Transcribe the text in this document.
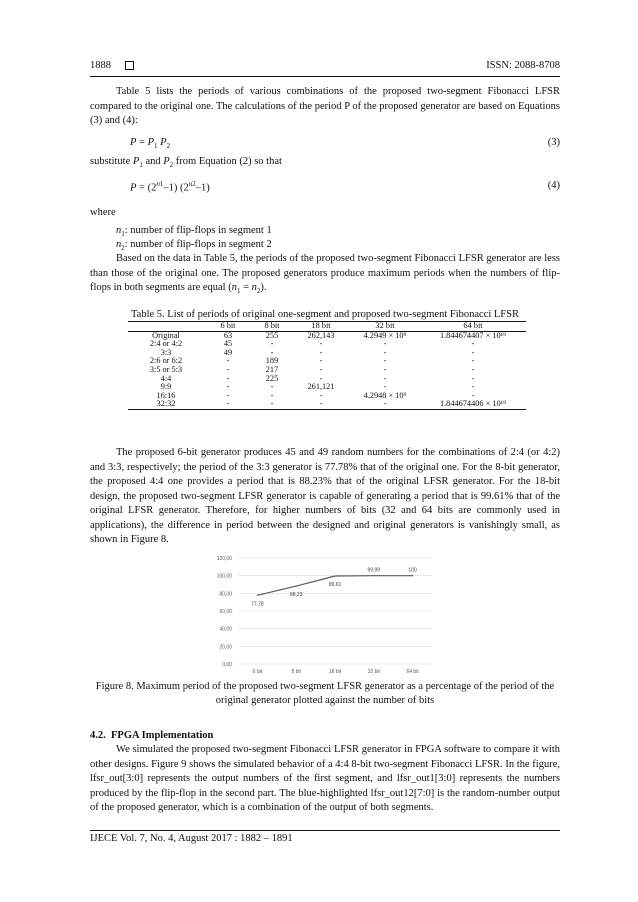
1888	ISSN: 2088-8708
Table 5 lists the periods of various combinations of the proposed two-segment Fibonacci LFSR compared to the original one. The calculations of the period P of the proposed generator are based on Equations (3) and (4):
$P = P_1$ $P_2$	(3)
substitute $P_1$ and $P_2$ from Equation (2) so that
$P = (2^{n1}-1)$ $(2^{n2}-1)$	(4)
where
$n_1$: number of flip-flops in segment 1
$n_2$: number of flip-flops in segment 2
Based on the data in Table 5, the periods of the proposed two-segment Fibonacci LFSR generator are less than those of the original one. The proposed generators produce maximum periods when the numbers of flip-flops in both segments are equal $(n_1 = n_2)$.
Table 5. List of periods of original one-segment and proposed two-segment Fibonacci LFSR
	6 bit	8 bit	18 bit	32 bit	64 bit
Original	63	255	262,143	4.2949 × 10⁹	1.844674407 × 10¹⁹
2:4 or 4:2	45	-	-	-	-
3:3	49	-	-	-	-
2:6 or 6:2	-	189	-	-	-
3:5 or 5:3	-	217	-	-	-
4:4	-	225	-	-	-
9:9	-	-	261,121	-	-
16:16	-	-	-	4.2948 × 10⁹	-
32:32	-	-	-	-	1.844674406 × 10¹⁹
The proposed 6-bit generator produces 45 and 49 random numbers for the combinations of 2:4 (or 4:2) and 3:3, respectively; the period of the 3:3 generator is 77.78% that of the original one. For the 8-bit generator, the proposed 4:4 one provides a period that is 88.23% that of the original LFSR generator. For the 18-bit design, the proposed two-segment LFSR generator is capable of generating a period that is 99.61% that of the original LFSR generator. Therefore, for higher numbers of bits (32 and 64 bits are commonly used in applications), the difference in period between the designed and original generators is vanishingly small, as shown in Figure 8.
0,00
20,00
40,00
60,00
80,00
100,00
120,00
6 bit	8 bit	18 bit	32 bit	64 bit
77,78
88,23
99,61
99,99	100
Figure 8. Maximum period of the proposed two-segment LFSR generator as a percentage of the period of the
original generator plotted against the number of bits
4.2. FPGA Implementation
We simulated the proposed two-segment Fibonacci LFSR generator in FPGA software to compare it with other designs. Figure 9 shows the simulated behavior of a 4:4 8-bit two-segment Fibonacci LFSR. In the figure, lfsr_out[3:0] represents the output numbers of the first segment, and lfsr_out1[3:0] represents the numbers produced by the flip-flop in the second part. The blue-highlighted lfsr_out12[7:0] is the random-number output of the proposed generator, which is a combination of the output of both segments.
IJECE Vol. 7, No. 4, August 2017 : 1882 – 1891
